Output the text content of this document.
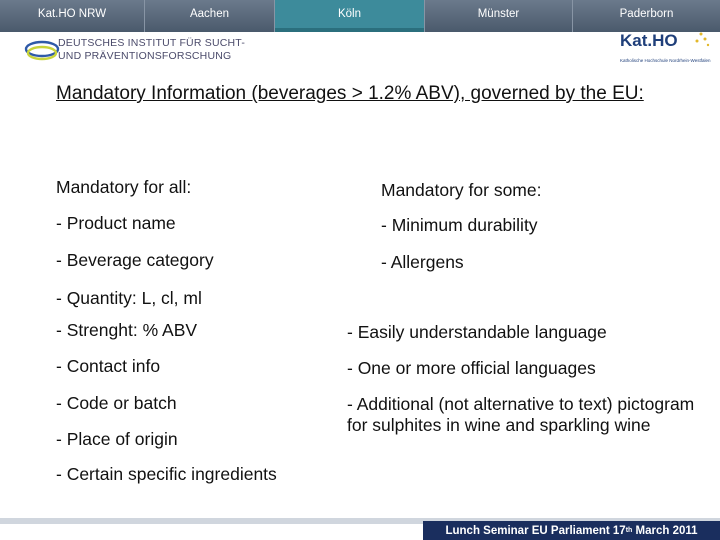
Kat.HO NRW	Aachen	Köln	Münster	Paderborn
DEUTSCHES INSTITUT FÜR SUCHT-
UND PRÄVENTIONSFORSCHUNG
Kat.HO
Katholische Hochschule Nordrhein-Westfalen
Mandatory Information (beverages > 1.2% ABV), governed by the EU:
Mandatory for all:
- Product name
- Beverage category
- Quantity: L, cl, ml
- Strenght: % ABV
- Contact info
- Code or batch
- Place of origin
- Certain specific ingredients
Mandatory for some:
- Minimum durability
- Allergens
- Easily understandable language
- One or more official languages
- Additional (not alternative to text) pictogram for sulphites in wine and sparkling wine
Lunch Seminar EU Parliament 17 th March 2011
